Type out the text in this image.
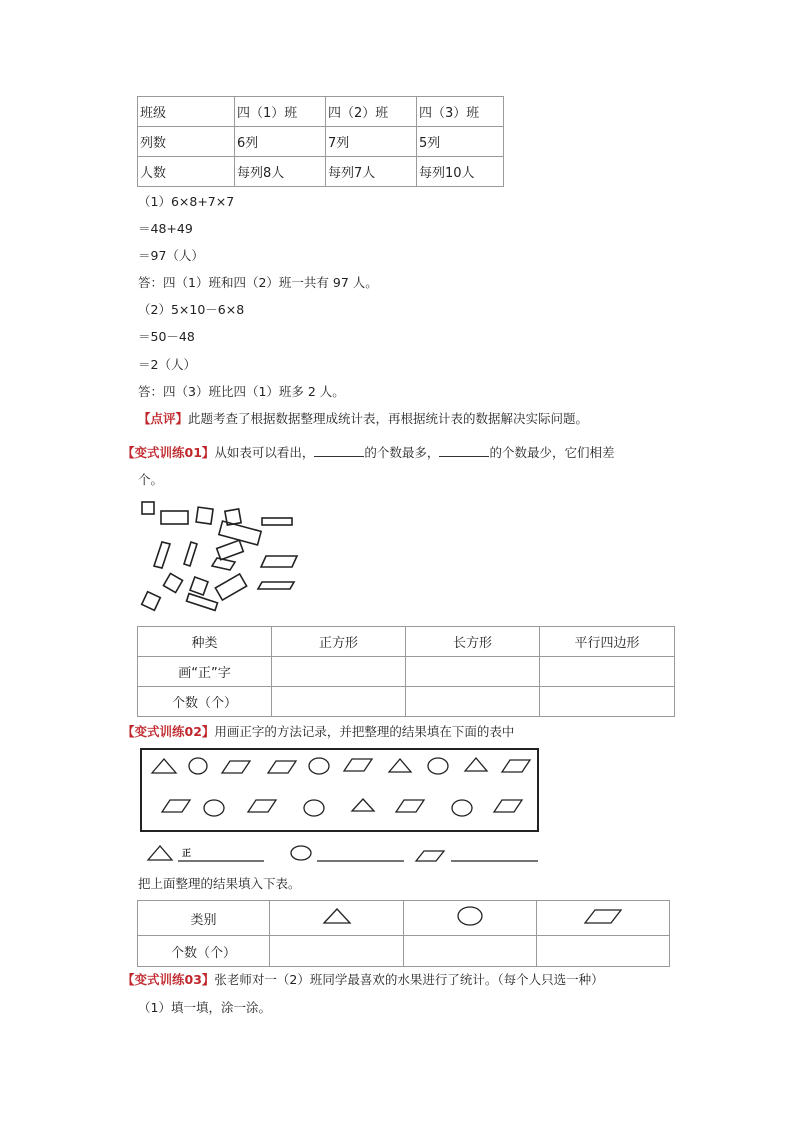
班级	四（1）班	四（2）班	四（3）班
列数	6列	7列	5列
人数	每列8人	每列7人	每列10人
（1）6×8+7×7
＝48+49
＝97（人）
答：四（1）班和四（2）班一共有 97 人。
（2）5×10－6×8
＝50－48
＝2（人）
答：四（3）班比四（1）班多 2 人。
【点评】此题考查了根据数据整理成统计表，再根据统计表的数据解决实际问题。
【变式训练01】从如表可以看出，	的个数最多，	的个数最少，它们相差
个。
种类	正方形	长方形	平行四边形
画“正”字			
个数（个）			
【变式训练02】用画正字的方法记录，并把整理的结果填在下面的表中
正
把上面整理的结果填入下表。
类别			
个数（个）			
【变式训练03】张老师对一（2）班同学最喜欢的水果进行了统计。（每个人只选一种）
（1）填一填，涂一涂。
